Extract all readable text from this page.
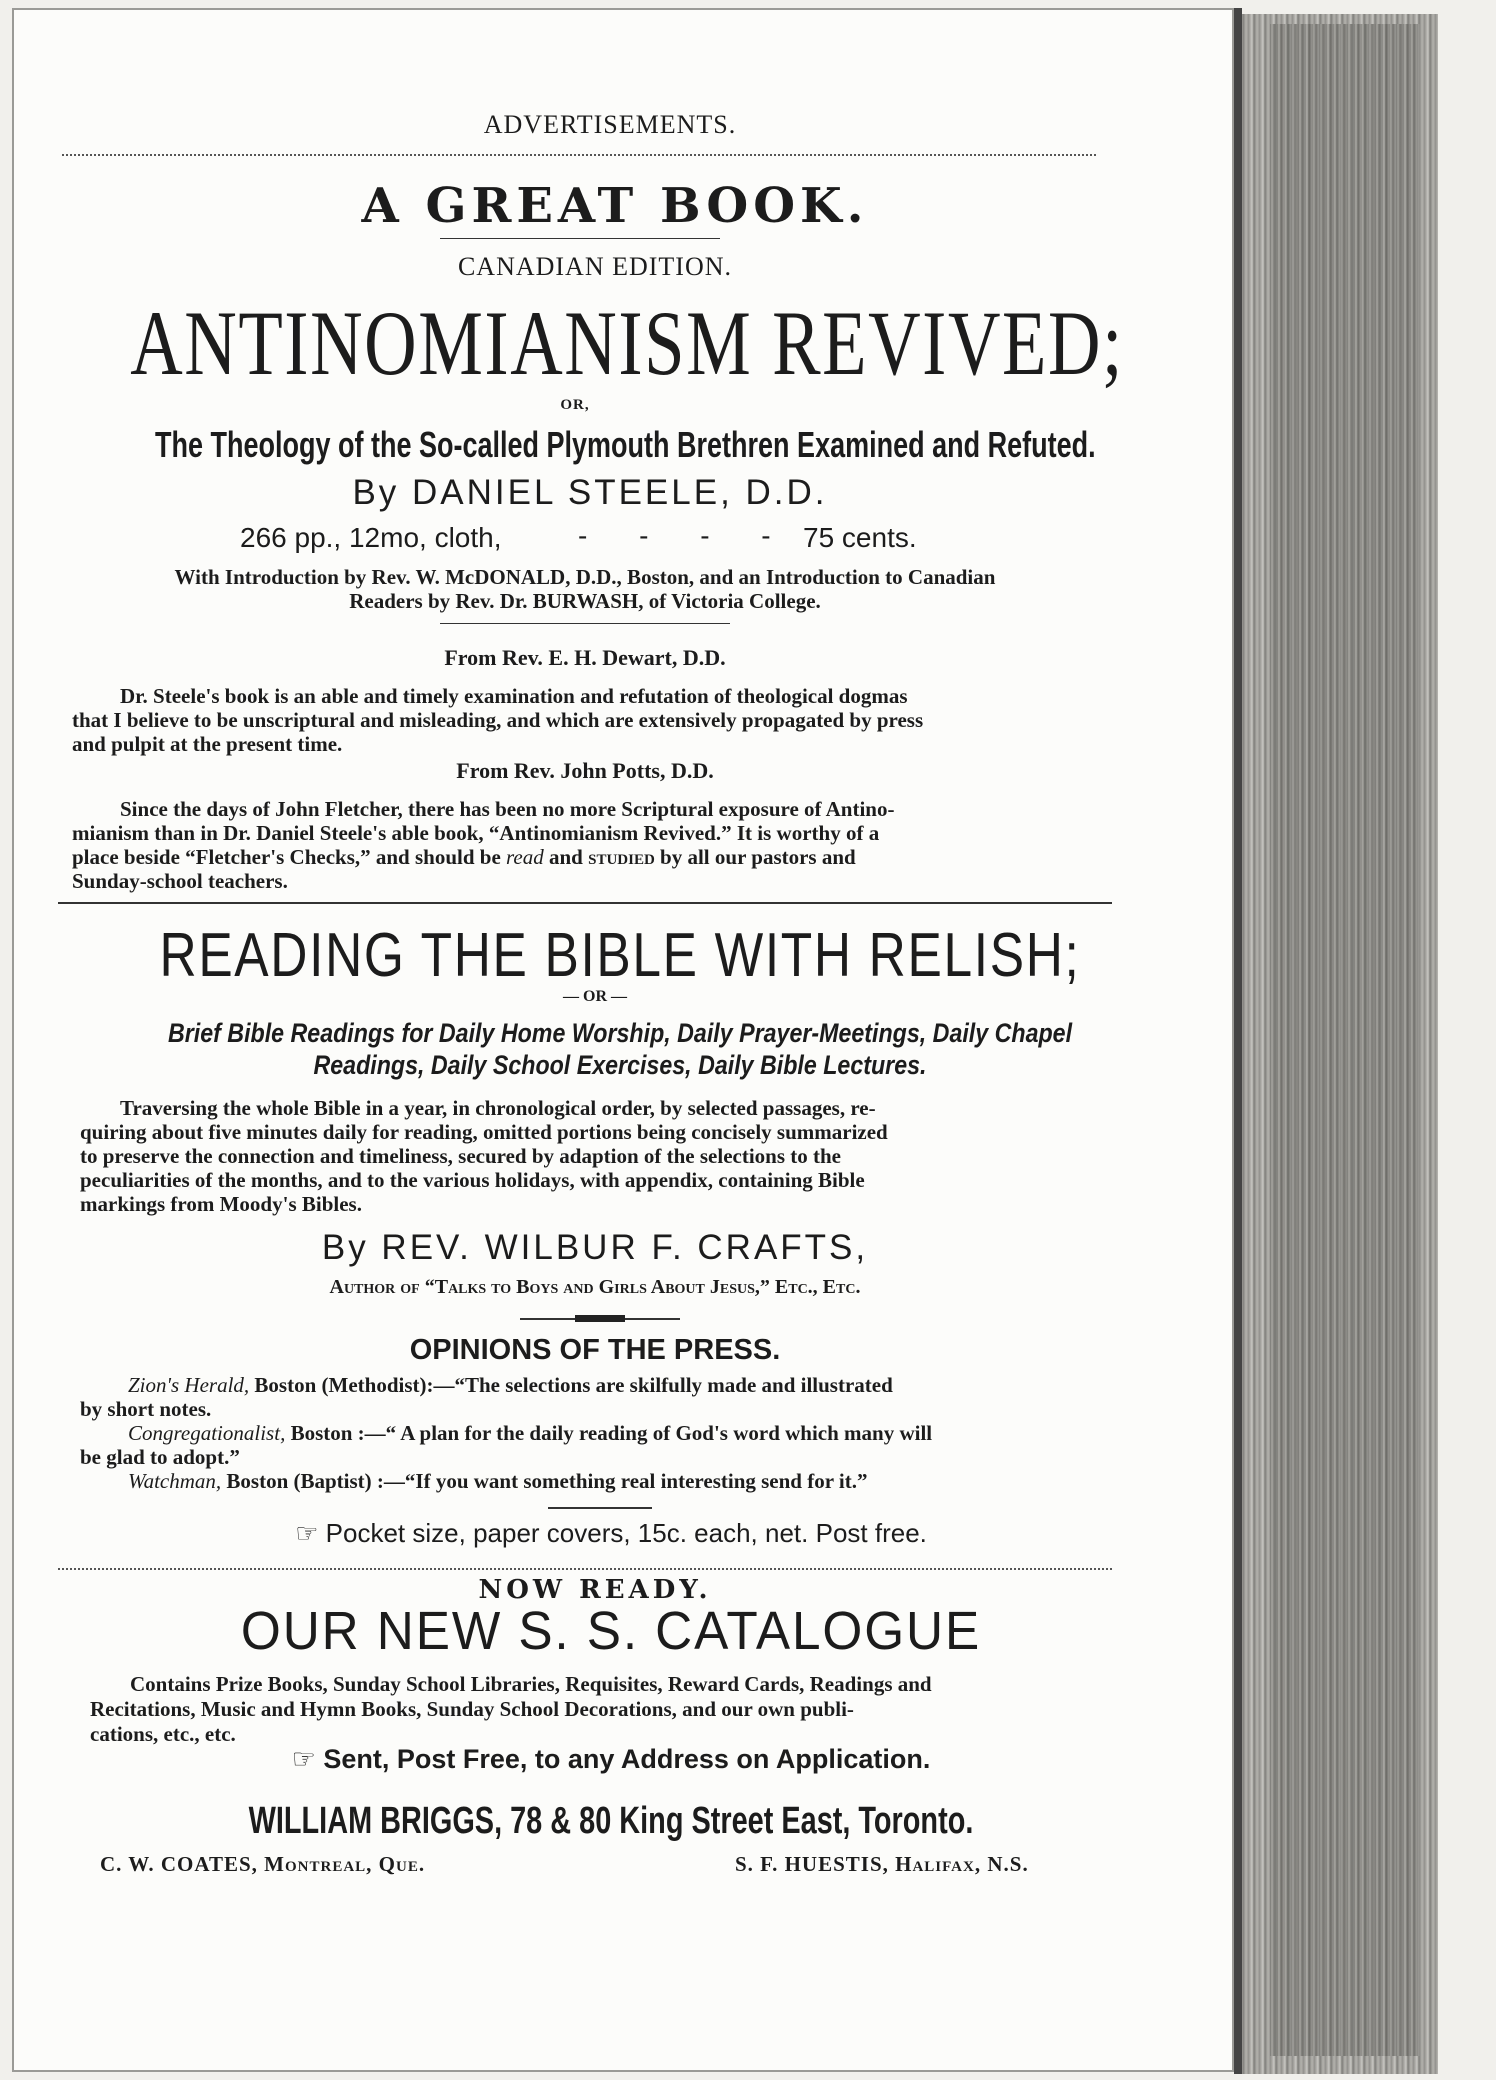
ADVERTISEMENTS.
A GREAT BOOK.
CANADIAN EDITION.
ANTINOMIANISM REVIVED;
OR,
The Theology of the So-called Plymouth Brethren Examined and Refuted.
By DANIEL STEELE, D.D.
266 pp., 12mo, cloth,	- - - - 75 cents.
With Introduction by Rev. W. McDONALD, D.D., Boston, and an Introduction to Canadian
Readers by Rev. Dr. BURWASH, of Victoria College.
From Rev. E. H. Dewart, D.D.
Dr. Steele's book is an able and timely examination and refutation of theological dogmas
that I believe to be unscriptural and misleading, and which are extensively propagated by press
and pulpit at the present time.
From Rev. John Potts, D.D.
Since the days of John Fletcher, there has been no more Scriptural exposure of Antino-
mianism than in Dr. Daniel Steele's able book, “Antinomianism Revived.” It is worthy of a
place beside “Fletcher's Checks,” and should be read and STUDIED by all our pastors and
Sunday-school teachers.
READING THE BIBLE WITH RELISH;
— OR —
Brief Bible Readings for Daily Home Worship, Daily Prayer-Meetings, Daily Chapel
Readings, Daily School Exercises, Daily Bible Lectures.
Traversing the whole Bible in a year, in chronological order, by selected passages, re-
quiring about five minutes daily for reading, omitted portions being concisely summarized
to preserve the connection and timeliness, secured by adaption of the selections to the
peculiarities of the months, and to the various holidays, with appendix, containing Bible
markings from Moody's Bibles.
By REV. WILBUR F. CRAFTS,
Author of “Talks to Boys and Girls About Jesus,” Etc., Etc.
OPINIONS OF THE PRESS.
Zion's Herald, Boston (Methodist):—“The selections are skilfully made and illustrated
by short notes.
Congregationalist, Boston :—“ A plan for the daily reading of God's word which many will
be glad to adopt.”
Watchman, Boston (Baptist) :—“If you want something real interesting send for it.”
☞ Pocket size, paper covers, 15c. each, net. Post free.
NOW READY.
OUR NEW S. S. CATALOGUE
Contains Prize Books, Sunday School Libraries, Requisites, Reward Cards, Readings and
Recitations, Music and Hymn Books, Sunday School Decorations, and our own publi-
cations, etc., etc.
☞ Sent, Post Free, to any Address on Application.
WILLIAM BRIGGS, 78 & 80 King Street East, Toronto.
C. W. COATES, Montreal, Que.	S. F. HUESTIS, Halifax, N.S.
